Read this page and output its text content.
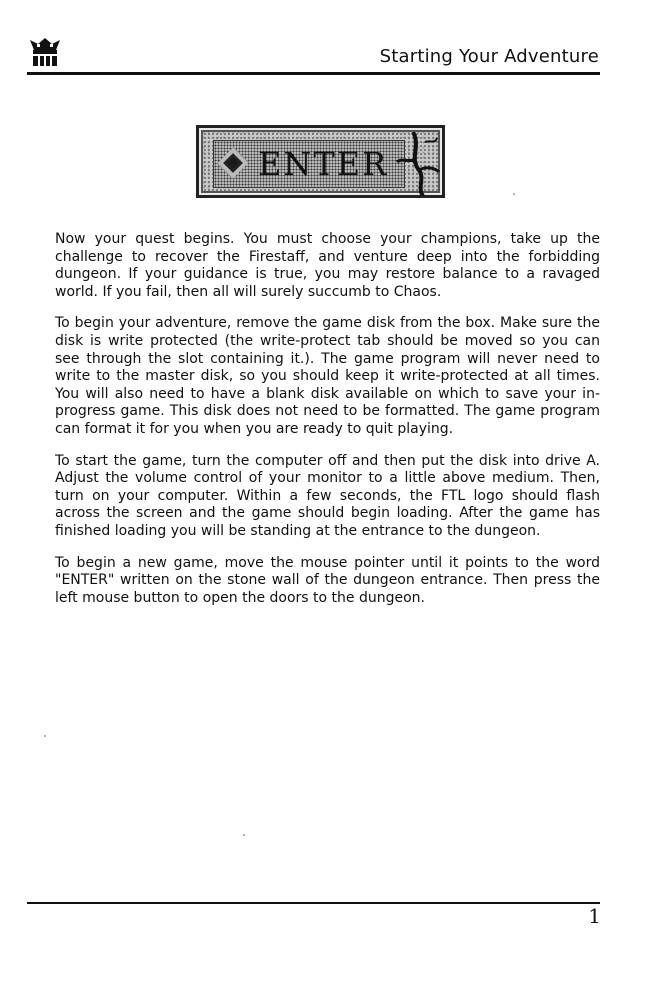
Starting Your Adventure
ENTER

Now your quest begins. You must choose your champions, take up the challenge to recover the Firestaff, and venture deep into the forbidding dungeon. If your guidance is true, you may restore balance to a ravaged world. If you fail, then all will surely succumb to Chaos.

To begin your adventure, remove the game disk from the box. Make sure the disk is write protected (the write-protect tab should be moved so you can see through the slot containing it.). The game program will never need to write to the master disk, so you should keep it write-protected at all times. You will also need to have a blank disk available on which to save your in-progress game. This disk does not need to be formatted. The game program can format it for you when you are ready to quit playing.

To start the game, turn the computer off and then put the disk into drive A. Adjust the volume control of your monitor to a little above medium. Then, turn on your computer. Within a few seconds, the FTL logo should flash across the screen and the game should begin loading. After the game has finished loading you will be standing at the entrance to the dungeon.

To begin a new game, move the mouse pointer until it points to the word "ENTER" written on the stone wall of the dungeon entrance. Then press the left mouse button to open the doors to the dungeon.

1
